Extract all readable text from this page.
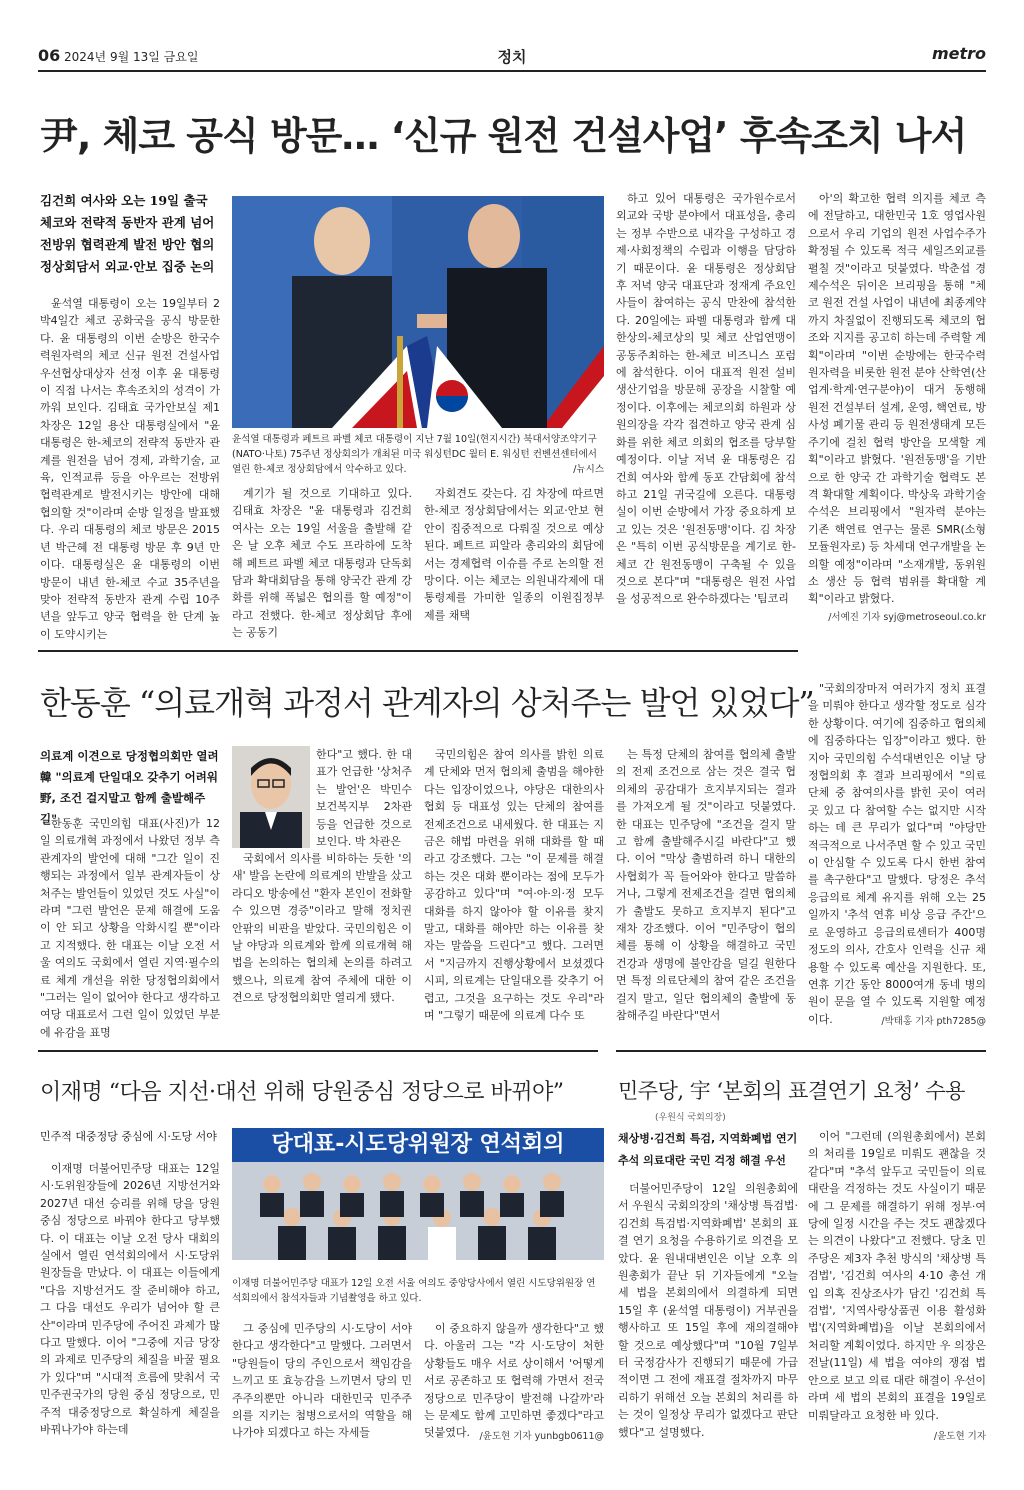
06 2024년 9월 13일 금요일	정치	metro
尹, 체코 공식 방문… ‘신규 원전 건설사업’ 후속조치 나서
김건희 여사와 오는 19일 출국 체코와 전략적 동반자 관계 넘어 전방위 협력관계 발전 방안 협의 정상회담서 외교·안보 집중 논의

윤석열 대통령이 오는 19일부터 2박4일간 체코 공화국을 공식 방문한다. 윤 대통령의 이번 순방은 한국수력원자력의 체코 신규 원전 건설사업 우선협상대상자 선정 이후 윤 대통령이 직접 나서는 후속조치의 성격이 가까워 보인다. 김태효 국가안보실 제1차장은 12일 용산 대통령실에서 "윤 대통령은 한-체코의 전략적 동반자 관계를 원전을 넘어 경제, 과학기술, 교육, 인적교류 등을 아우르는 전방위 협력관계로 발전시키는 방안에 대해 협의할 것"이라며 순방 일정을 발표했다. 우리 대통령의 체코 방문은 2015년 박근혜 전 대통령 방문 후 9년 만이다. 대통령실은 윤 대통령의 이번 방문이 내년 한-체코 수교 35주년을 맞아 전략적 동반자 관계 수립 10주년을 앞두고 양국 협력을 한 단계 높이 도약시키는

윤석열 대통령과 페트르 파벨 체코 대통령이 지난 7월 10일(현지시간) 북대서양조약기구(NATO·나토) 75주년 정상회의가 개최된 미국 워싱턴DC 월터 E. 워싱턴 컨벤션센터에서 열린 한-체코 정상회담에서 악수하고 있다.	/뉴시스

계기가 될 것으로 기대하고 있다. 김태효 차장은 "윤 대통령과 김건희 여사는 오는 19일 서울을 출발해 같은 날 오후 체코 수도 프라하에 도착해 페트르 파벨 체코 대통령과 단독회담과 확대회담을 통해 양국간 관계 강화를 위해 폭넓은 협의를 할 예정"이라고 전했다. 한-체코 정상회담 후에는 공동기

자회견도 갖는다. 김 차장에 따르면 한-체코 정상회담에서는 외교·안보 현안이 집중적으로 다뤄질 것으로 예상된다. 페트르 피알라 총리와의 회담에서는 경제협력 이슈를 주로 논의할 전망이다. 이는 체코는 의원내각제에 대통령제를 가미한 일종의 이원집정부제를 채택

하고 있어 대통령은 국가원수로서 외교와 국방 분야에서 대표성을, 총리는 정부 수반으로 내각을 구성하고 경제·사회정책의 수립과 이행을 담당하기 때문이다. 윤 대통령은 정상회담 후 저녁 양국 대표단과 정재계 주요인사들이 참여하는 공식 만찬에 참석한다. 20일에는 파벨 대통령과 함께 대한상의-체코상의 및 체코 산업연맹이 공동주최하는 한-체코 비즈니스 포럼에 참석한다. 이어 대표적 원전 설비 생산기업을 방문해 공장을 시찰할 예정이다. 이후에는 체코의회 하원과 상원의장을 각각 접견하고 양국 관계 심화를 위한 체코 의회의 협조를 당부할 예정이다. 이날 저녁 윤 대통령은 김건희 여사와 함께 동포 간담회에 참석하고 21일 귀국길에 오른다. 대통령실이 이번 순방에서 가장 중요하게 보고 있는 것은 '원전동맹'이다. 김 차장은 "특히 이번 공식방문을 계기로 한-체코 간 원전동맹이 구축될 수 있을 것으로 본다"며 "대통령은 원전 사업을 성공적으로 완수하겠다는 '팀코리

아'의 확고한 협력 의지를 체코 측에 전달하고, 대한민국 1호 영업사원으로서 우리 기업의 원전 사업수주가 확정될 수 있도록 적극 세일즈외교를 펼칠 것"이라고 덧붙였다. 박춘섭 경제수석은 뒤이은 브리핑을 통해 "체코 원전 건설 사업이 내년에 최종계약까지 차질없이 진행되도록 체코의 협조와 지지를 공고히 하는데 주력할 계획"이라며 "이번 순방에는 한국수력원자력을 비롯한 원전 분야 산학연(산업계·학계·연구분야)이 대거 동행해 원전 건설부터 설계, 운영, 핵연료, 방사성 폐기물 관리 등 원전생태계 모든 주기에 걸친 협력 방안을 모색할 계획"이라고 밝혔다. '원전동맹'을 기반으로 한 양국 간 과학기술 협력도 본격 확대할 계획이다. 박상욱 과학기술수석은 브리핑에서 "원자력 분야는 기존 핵연료 연구는 물론 SMR(소형모듈원자로) 등 차세대 연구개발을 논의할 예정"이라며 "소재개발, 동위원소 생산 등 협력 범위를 확대할 계획"이라고 밝혔다.

/서예진 기자 syj@metroseoul.co.kr
한동훈 “의료개혁 과정서 관계자의 상처주는 발언 있었다”
의료계 이견으로 당정협의회만 열려 韓 "의료계 단일대오 갖추기 어려워 野, 조건 걸지말고 함께 출발해주길"

한동훈 국민의힘 대표(사진)가 12일 의료개혁 과정에서 나왔던 정부 측 관계자의 발언에 대해 "그간 일이 진행되는 과정에서 일부 관계자들이 상처주는 발언들이 있었던 것도 사실"이라며 "그런 발언은 문제 해결에 도움이 안 되고 상황을 악화시킬 뿐"이라고 지적했다. 한 대표는 이날 오전 서울 여의도 국회에서 열린 지역·필수의료 체계 개선을 위한 당정협의회에서 "그러는 일이 없어야 한다고 생각하고 여당 대표로서 그런 일이 있었던 부분에 유감을 표명

한다"고 했다. 한 대표가 언급한 '상처주는 발언'은 박민수 보건복지부 2차관 등을 언급한 것으로 보인다. 박 차관은

국회에서 의사를 비하하는 듯한 '의새' 발음 논란에 의료계의 반발을 샀고 라디오 방송에선 "환자 본인이 전화할 수 있으면 경증"이라고 말해 정치권 안팎의 비판을 받았다. 국민의힘은 이날 야당과 의료계와 함께 의료개혁 해법을 논의하는 협의체 논의를 하려고 했으나, 의료계 참여 주체에 대한 이견으로 당정협의회만 열리게 됐다.

국민의힘은 참여 의사를 밝힌 의료계 단체와 먼저 협의체 출범을 해야한다는 입장이었으나, 야당은 대한의사협회 등 대표성 있는 단체의 참여를 전제조건으로 내세웠다. 한 대표는 지금은 해법 마련을 위해 대화를 할 때라고 강조했다. 그는 "이 문제를 해결하는 것은 대화 뿐이라는 점에 모두가 공감하고 있다"며 "여·야·의·정 모두 대화를 하지 않아야 할 이유를 찾지 말고, 대화를 해야만 하는 이유를 찾자는 말씀을 드린다"고 했다. 그러면서 "지금까지 진행상황에서 보셨겠다시피, 의료계는 단일대오를 갖추기 어렵고, 그것을 요구하는 것도 우리"라며 "그렇기 때문에 의료계 다수 또

는 특정 단체의 참여를 협의체 출발의 전제 조건으로 삼는 것은 결국 협의체의 공감대가 흐지부지되는 결과를 가져오게 될 것"이라고 덧붙였다. 한 대표는 민주당에 "조건을 걸지 말고 함께 출발해주시길 바란다"고 했다. 이어 "막상 출범하려 하니 대한의사협회가 꼭 들어와야 한다고 말씀하거나, 그렇게 전제조건을 걸면 협의체가 출발도 못하고 흐지부지 된다"고 재차 강조했다. 이어 "민주당이 협의체를 통해 이 상황을 해결하고 국민 건강과 생명에 불안감을 덜길 원한다면 특정 의료단체의 참여 같은 조건을 걸지 말고, 일단 협의체의 출발에 동참해주길 바란다"면서

"국회의장마저 여러가지 정치 표결을 미뤄야 한다고 생각할 정도로 심각한 상황이다. 여기에 집중하고 협의체에 집중하다는 입장"이라고 했다. 한지아 국민의힘 수석대변인은 이날 당정협의회 후 결과 브리핑에서 "의료단체 중 참여의사를 밝힌 곳이 여러 곳 있고 다 참여할 수는 없지만 시작하는 데 큰 무리가 없다"며 "야당만 적극적으로 나서주면 할 수 있고 국민이 안심할 수 있도록 다시 한번 참여를 촉구한다"고 말했다. 당정은 추석 응급의료 체계 유지를 위해 오는 25일까지 '추석 연휴 비상 응급 주간'으로 운영하고 응급의료센터가 400명 정도의 의사, 간호사 인력을 신규 채용할 수 있도록 예산을 지원한다. 또, 연휴 기간 동안 8000여개 동네 병의원이 문을 열 수 있도록 지원할 예정이다.	/박태홍 기자 pth7285@
이재명 “다음 지선·대선 위해 당원중심 정당으로 바뀌야”
민주적 대중정당 중심에 시·도당 서야

이재명 더불어민주당 대표는 12일 시·도위원장들에 2026년 지방선거와 2027년 대선 승리를 위해 당을 당원 중심 정당으로 바꿔야 한다고 당부했다. 이 대표는 이날 오전 당사 대회의실에서 열린 연석회의에서 시·도당위원장들을 만났다. 이 대표는 이들에게 "다음 지방선거도 잘 준비해야 하고, 그 다음 대선도 우리가 넘어야 할 큰 산"이라며 민주당에 주어진 과제가 많다고 말했다. 이어 "그중에 지금 당장의 과제로 민주당의 체질을 바꿀 필요가 있다"며 "시대적 흐름에 맞춰서 국민주권국가의 당원 중심 정당으로, 민주적 대중정당으로 확실하게 체질을 바꿔나가야 하는데

당대표-시도당위원장 연석회의
이재명 더불어민주당 대표가 12일 오전 서울 여의도 중앙당사에서 열린 시도당위원장 연석회의에서 참석자들과 기념촬영을 하고 있다.

그 중심에 민주당의 시·도당이 서야 한다고 생각한다"고 말했다. 그러면서 "당원들이 당의 주인으로서 책임감을 느끼고 또 효능감을 느끼면서 당의 민주주의뿐만 아니라 대한민국 민주주의를 지키는 첨병으로서의 역할을 해 나가야 되겠다고 하는 자세들

이 중요하지 않을까 생각한다"고 했다. 아울러 그는 "각 시·도당이 처한 상황들도 매우 서로 상이해서 '어떻게 서로 공존하고 또 협력해 가면서 전국 정당으로 민주당이 발전해 나갈까'라는 문제도 함께 고민하면 좋겠다"라고 덧붙였다. /윤도현 기자 yunbgb0611@
민주당, 宇 ‘본회의 표결연기 요청’ 수용
(우원식 국회의장)
채상병·김건희 특검, 지역화폐법 연기 추석 의료대란 국민 걱정 해결 우선

더불어민주당이 12일 의원총회에서 우원식 국회의장의 '채상병 특검법·김건희 특검법·지역화폐법' 본회의 표결 연기 요청을 수용하기로 의견을 모았다. 윤 원내대변인은 이날 오후 의원총회가 끝난 뒤 기자들에게 "오늘 세 법을 본회의에서 의결하게 되면 15일 후 (윤석열 대통령이) 거부권을 행사하고 또 15일 후에 재의결해야 할 것으로 예상했다"며 "10월 7일부터 국정감사가 진행되기 때문에 가급적이면 그 전에 재표결 절차까지 마무리하기 위해선 오늘 본회의 처리를 하는 것이 일정상 무리가 없겠다고 판단했다"고 설명했다.

이어 "그런데 (의원총회에서) 본회의 처리를 19일로 미뤄도 괜찮을 것 같다"며 "추석 앞두고 국민들이 의료 대란을 걱정하는 것도 사실이기 때문에 그 문제를 해결하기 위해 정부·여당에 일정 시간을 주는 것도 괜찮겠다는 의견이 나왔다"고 전했다. 당초 민주당은 제3자 추천 방식의 '채상병 특검법', '김건희 여사의 4·10 총선 개입 의혹 진상조사가 담긴 '김건희 특검법', '지역사랑상품권 이용 활성화 법'(지역화폐법)을 이날 본회의에서 처리할 계획이었다. 하지만 우 의장은 전날(11일) 세 법을 여야의 쟁점 법안으로 보고 의료 대란 해결이 우선이라며 세 법의 본회의 표결을 19일로 미뤄달라고 요청한 바 있다.

/윤도현 기자
